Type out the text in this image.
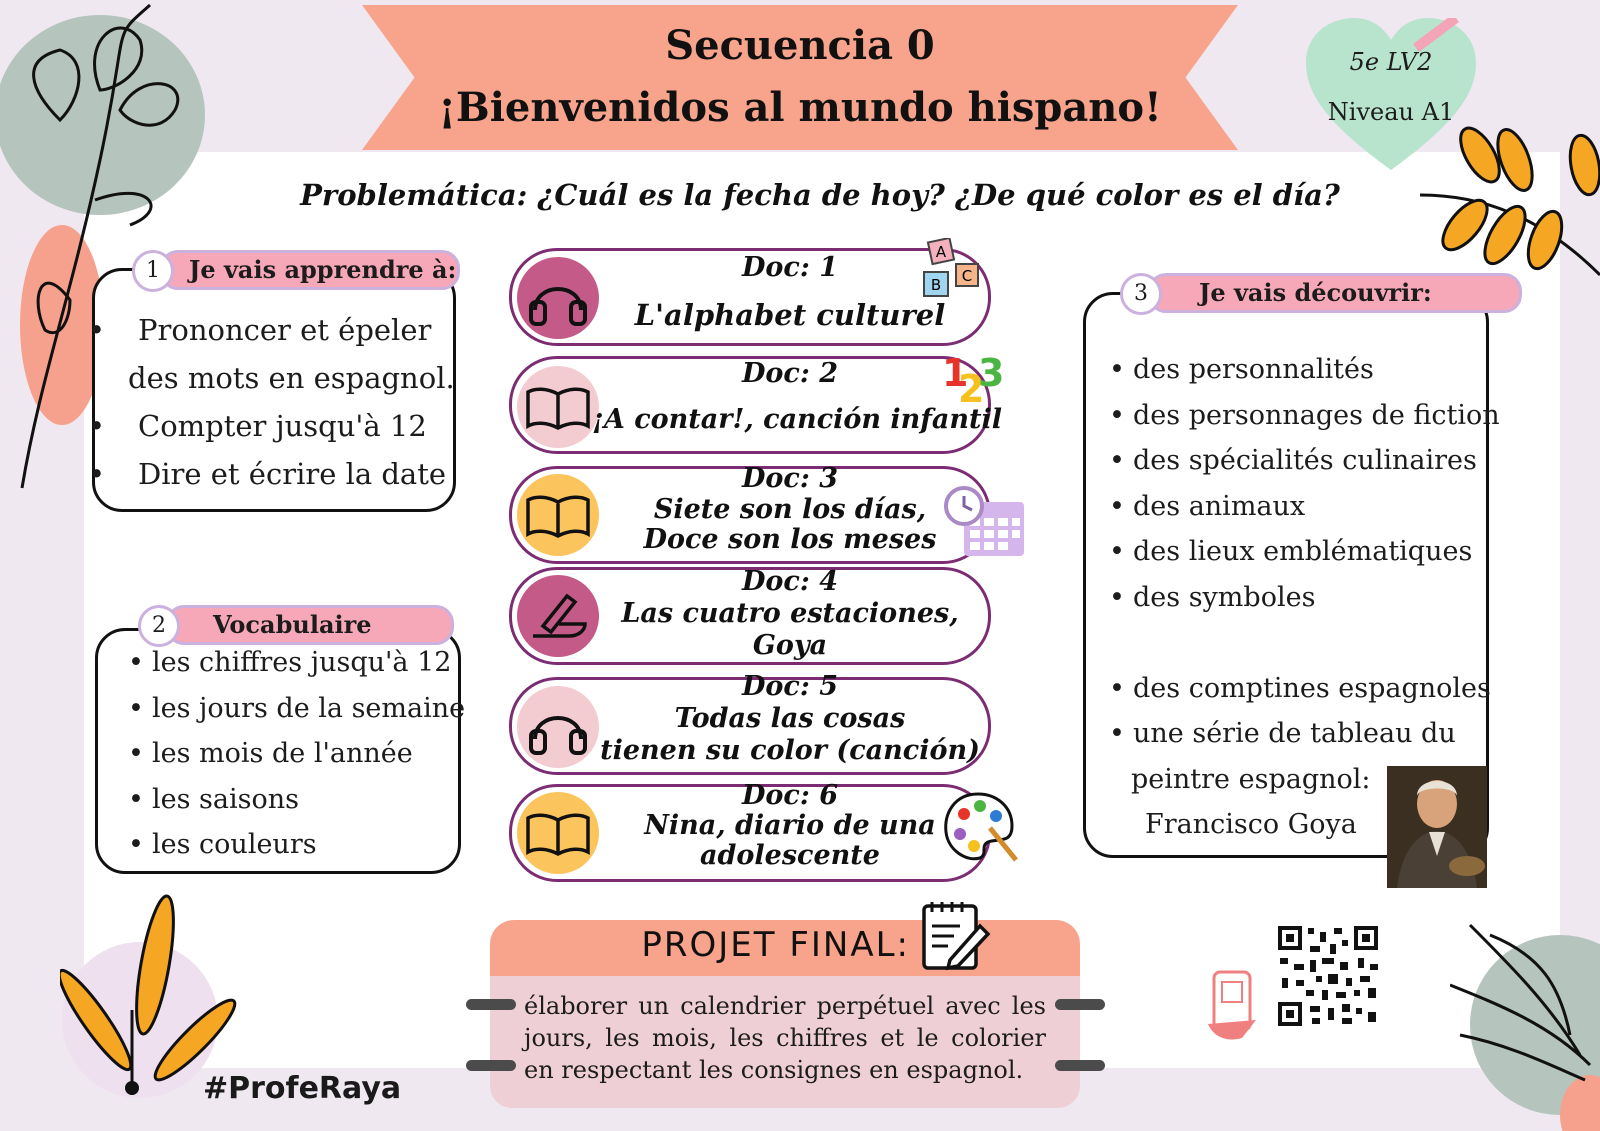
Secuencia 0
¡Bienvenidos al mundo hispano!
5e LV2
Niveau A1
Problemática: ¿Cuál es la fecha de hoy? ¿De qué color es el día?
Je vais apprendre à:
1
• Prononcer et épeler
des mots en espagnol.
• Compter jusqu'à 12
• Dire et écrire la date
Vocabulaire
2
• les chiffres jusqu'à 12
• les jours de la semaine
• les mois de l'année
• les saisons
• les couleurs
Je vais découvrir:
3
• des personnalités
• des personnages de fiction
• des spécialités culinaires
• des animaux
• des lieux emblématiques
• des symboles
• des comptines espagnoles
• une série de tableau du
peintre espagnol:
Francisco Goya
Doc: 1
L'alphabet culturel
Doc: 2
¡A contar!, canción infantil
Doc: 3
Siete son los días,
Doce son los meses
Doc: 4
Las cuatro estaciones,
Goya
Doc: 5
Todas las cosas
tienen su color (canción)
Doc: 6
Nina, diario de una
adolescente
A
B C
1
2
3
PROJET FINAL:
élaborer un calendrier perpétuel avec les jours, les mois, les chiffres et le colorier en respectant les consignes en espagnol.
#ProfeRaya
